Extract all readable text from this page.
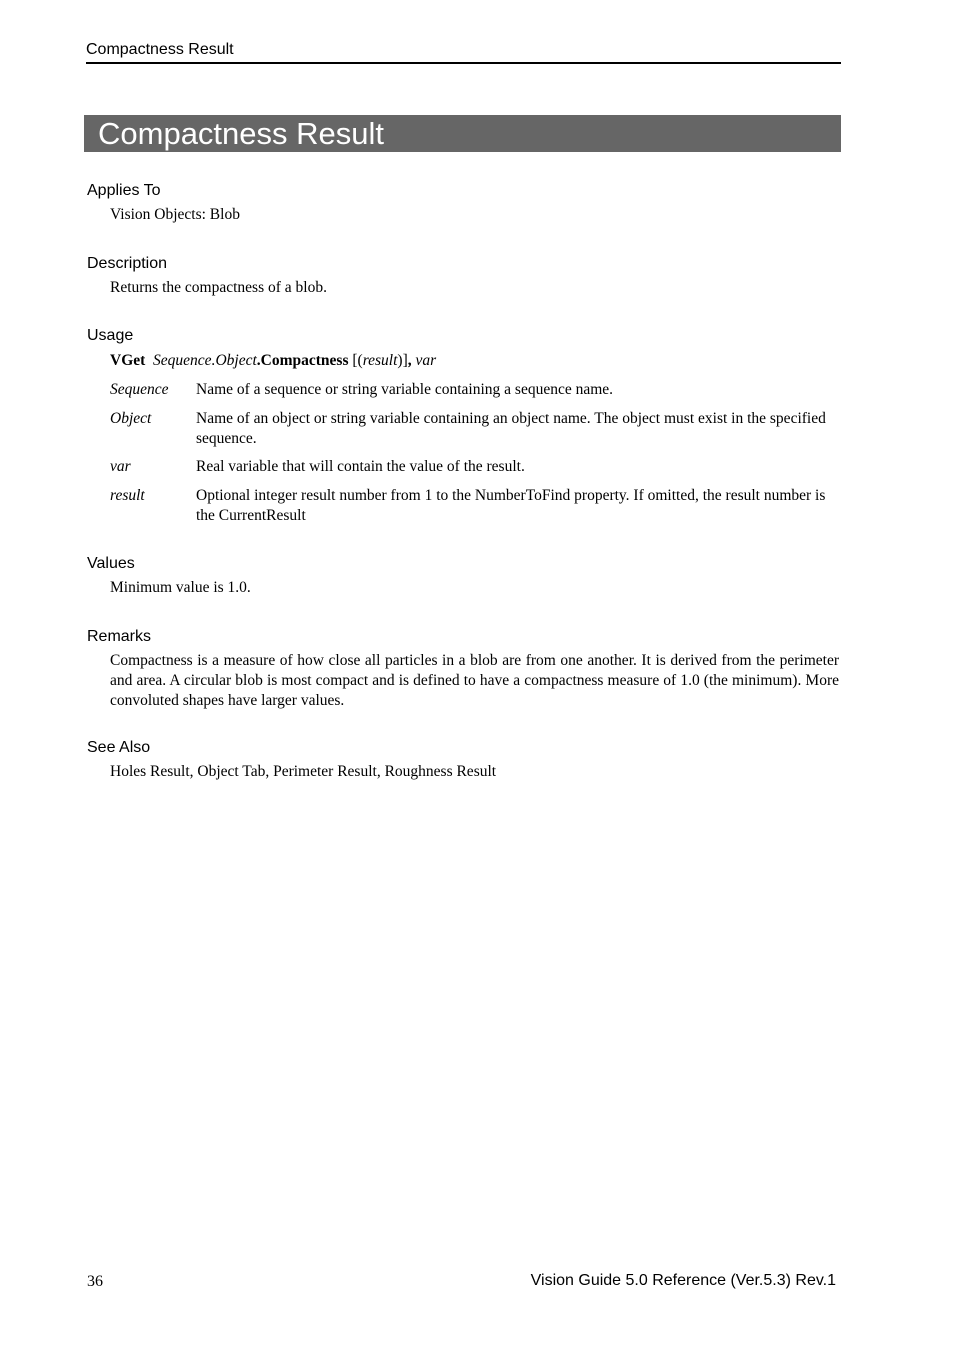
Compactness Result
Compactness Result
Applies To
Vision Objects: Blob
Description
Returns the compactness of a blob.
Usage
VGet Sequence.Object.Compactness [(result)], var
Sequence Name of a sequence or string variable containing a sequence name.
Object	Name of an object or string variable containing an object name. The object must exist in the specified sequence.
var	Real variable that will contain the value of the result.
result	Optional integer result number from 1 to the NumberToFind property. If omitted, the result number is the CurrentResult
Values
Minimum value is 1.0.
Remarks
Compactness is a measure of how close all particles in a blob are from one another. It is derived from the perimeter and area. A circular blob is most compact and is defined to have a compactness measure of 1.0 (the minimum). More convoluted shapes have larger values.
See Also
Holes Result, Object Tab, Perimeter Result, Roughness Result
36	Vision Guide 5.0 Reference (Ver.5.3) Rev.1
